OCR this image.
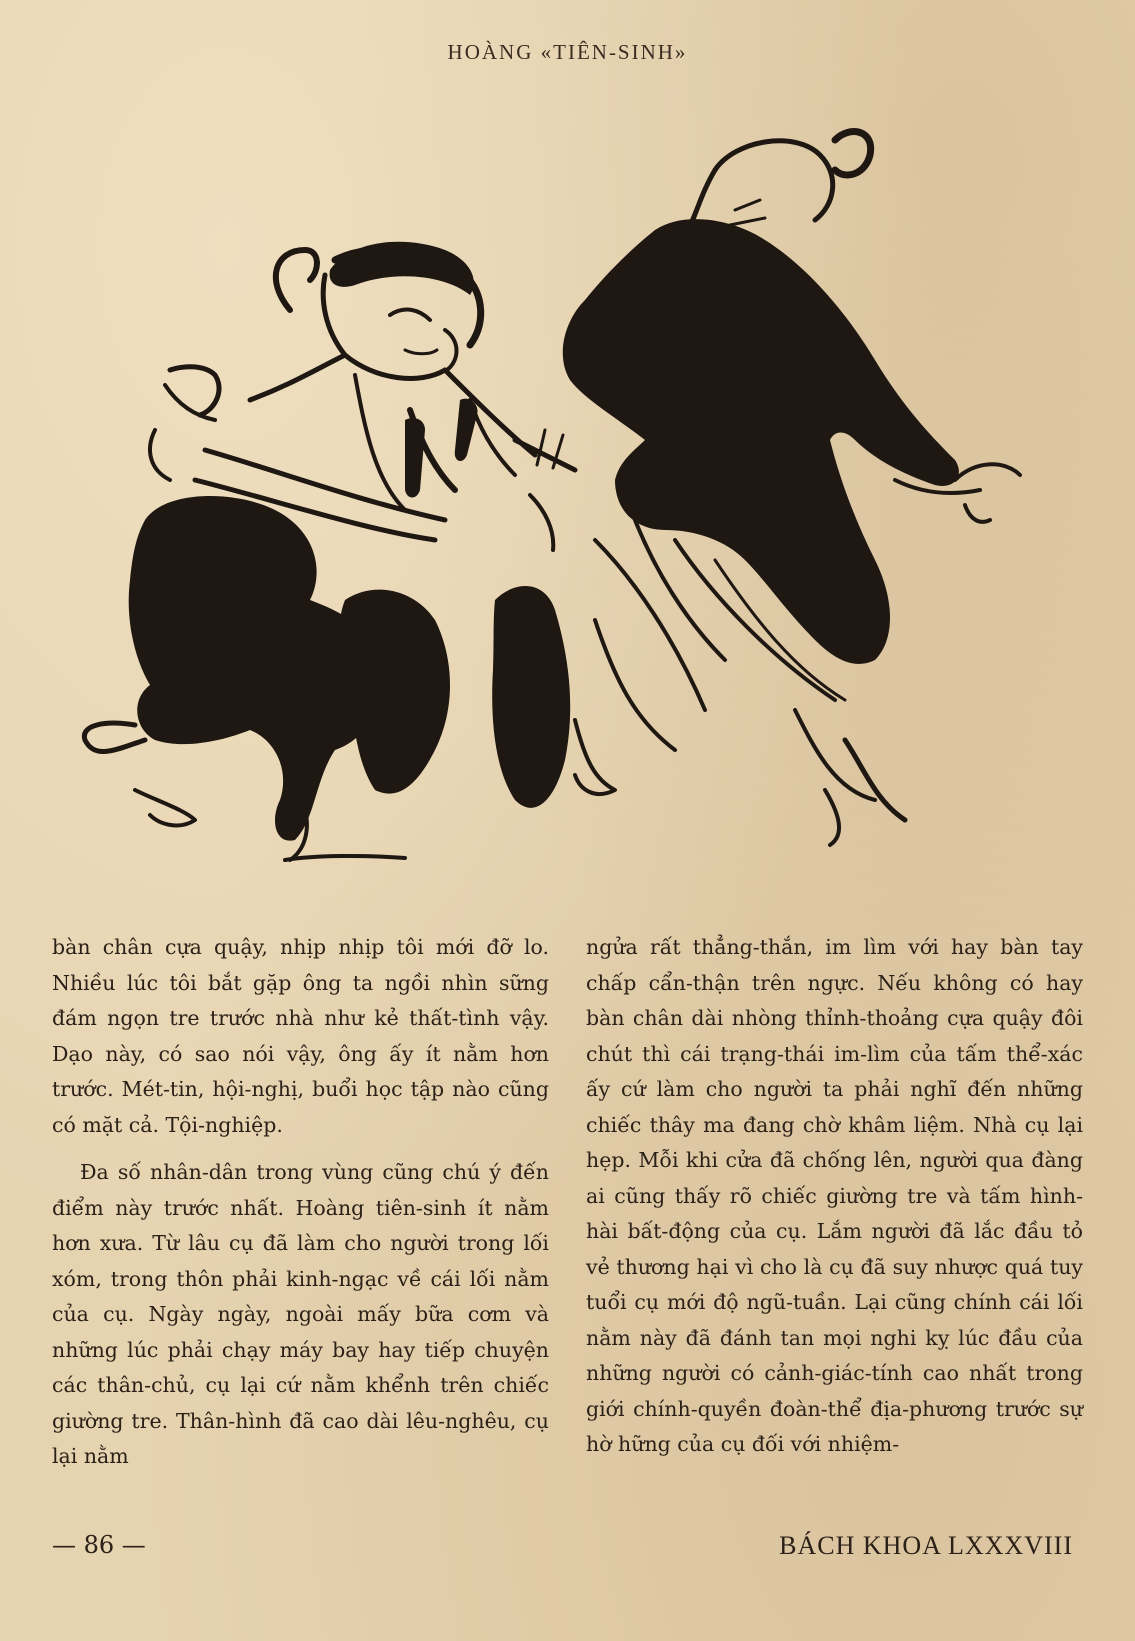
HOÀNG «TIÊN-SINH»

bàn chân cựa quậy, nhịp nhịp tôi mới đỡ lo. Nhiều lúc tôi bắt gặp ông ta ngồi nhìn sững đám ngọn tre trước nhà như kẻ thất-tình vậy. Dạo này, có sao nói vậy, ông ấy ít nằm hơn trước. Mét-tin, hội-nghị, buổi học tập nào cũng có mặt cả. Tội-nghiệp.

Đa số nhân-dân trong vùng cũng chú ý đến điểm này trước nhất. Hoàng tiên-sinh ít nằm hơn xưa. Từ lâu cụ đã làm cho người trong lối xóm, trong thôn phải kinh-ngạc về cái lối nằm của cụ. Ngày ngày, ngoài mấy bữa cơm và những lúc phải chạy máy bay hay tiếp chuyện các thân-chủ, cụ lại cứ nằm khểnh trên chiếc giường tre. Thân-hình đã cao dài lêu-nghêu, cụ lại nằm

ngửa rất thẳng-thắn, im lìm với hay bàn tay chấp cẩn-thận trên ngực. Nếu không có hay bàn chân dài nhòng thỉnh-thoảng cựa quậy đôi chút thì cái trạng-thái im-lìm của tấm thể-xác ấy cứ làm cho người ta phải nghĩ đến những chiếc thây ma đang chờ khâm liệm. Nhà cụ lại hẹp. Mỗi khi cửa đã chống lên, người qua đàng ai cũng thấy rõ chiếc giường tre và tấm hình-hài bất-động của cụ. Lắm người đã lắc đầu tỏ vẻ thương hại vì cho là cụ đã suy nhược quá tuy tuổi cụ mới độ ngũ-tuần. Lại cũng chính cái lối nằm này đã đánh tan mọi nghi kỵ lúc đầu của những người có cảnh-giác-tính cao nhất trong giới chính-quyền đoàn-thể địa-phương trước sự hờ hững của cụ đối với nhiệm-

— 86 —	BÁCH KHOA LXXXVIII
